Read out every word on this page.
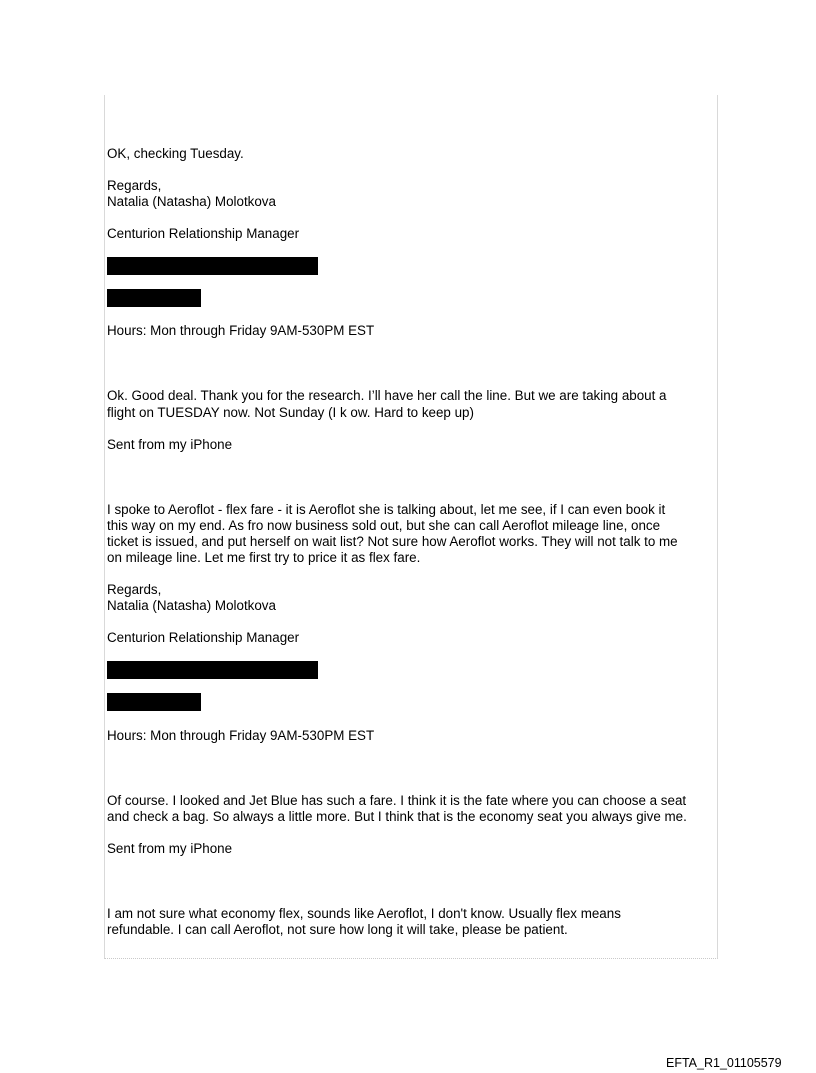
OK, checking Tuesday.
Regards,
Natalia (Natasha) Molotkova
Centurion Relationship Manager
Hours: Mon through Friday 9AM-530PM EST
Ok. Good deal. Thank you for the research. I’ll have her call the line. But we are taking about a
flight on TUESDAY now. Not Sunday (I k ow. Hard to keep up)
Sent from my iPhone
I spoke to Aeroflot - flex fare - it is Aeroflot she is talking about, let me see, if I can even book it
this way on my end. As fro now business sold out, but she can call Aeroflot mileage line, once
ticket is issued, and put herself on wait list? Not sure how Aeroflot works. They will not talk to me
on mileage line. Let me first try to price it as flex fare.
Regards,
Natalia (Natasha) Molotkova
Centurion Relationship Manager
Hours: Mon through Friday 9AM-530PM EST
Of course. I looked and Jet Blue has such a fare. I think it is the fate where you can choose a seat
and check a bag. So always a little more. But I think that is the economy seat you always give me.
Sent from my iPhone
I am not sure what economy flex, sounds like Aeroflot, I don't know. Usually flex means
refundable. I can call Aeroflot, not sure how long it will take, please be patient.
EFTA_R1_01105579
